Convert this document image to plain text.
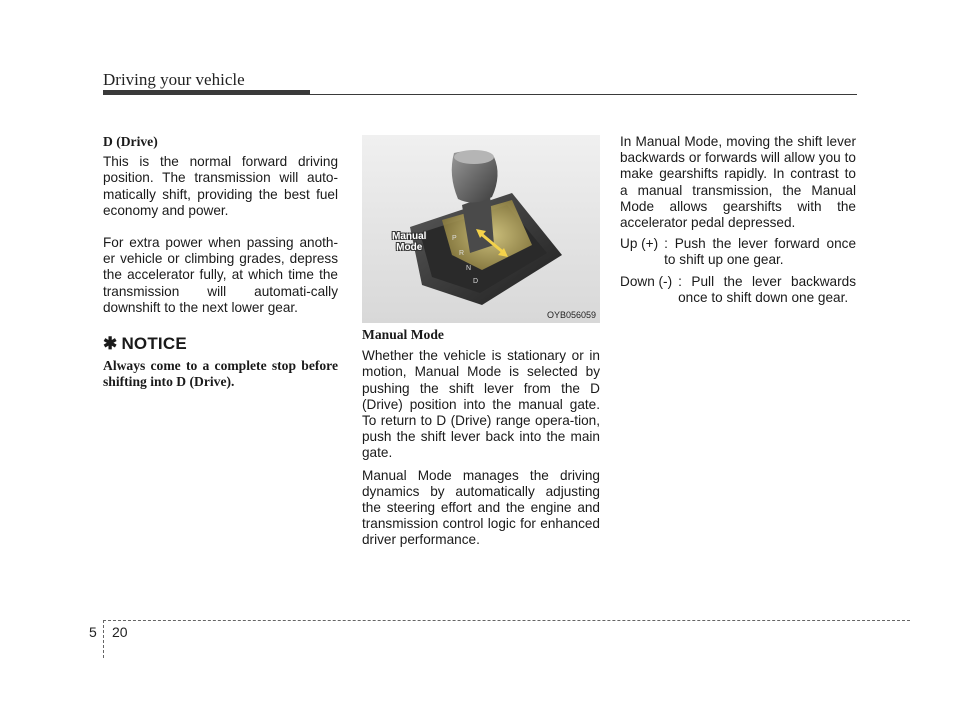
Driving your vehicle

D (Drive)

This is the normal forward driving position. The transmission will auto-matically shift, providing the best fuel economy and power.

For extra power when passing anoth-er vehicle or climbing grades, depress the accelerator fully, at which time the transmission will automati-cally downshift to the next lower gear.

✱ NOTICE

Always come to a complete stop before shifting into D (Drive).

P
R
N
D
Manual
Mode
OYB056059

Manual Mode

Whether the vehicle is stationary or in motion, Manual Mode is selected by pushing the shift lever from the D (Drive) position into the manual gate. To return to D (Drive) range opera-tion, push the shift lever back into the main gate.

Manual Mode manages the driving dynamics by automatically adjusting the steering effort and the engine and transmission control logic for enhanced driver performance.

In Manual Mode, moving the shift lever backwards or forwards will allow you to make gearshifts rapidly. In contrast to a manual transmission, the Manual Mode allows gearshifts with the accelerator pedal depressed.

Up (+) : Push the lever forward once to shift up one gear.

Down (-) : Pull the lever backwards once to shift down one gear.

5 20
